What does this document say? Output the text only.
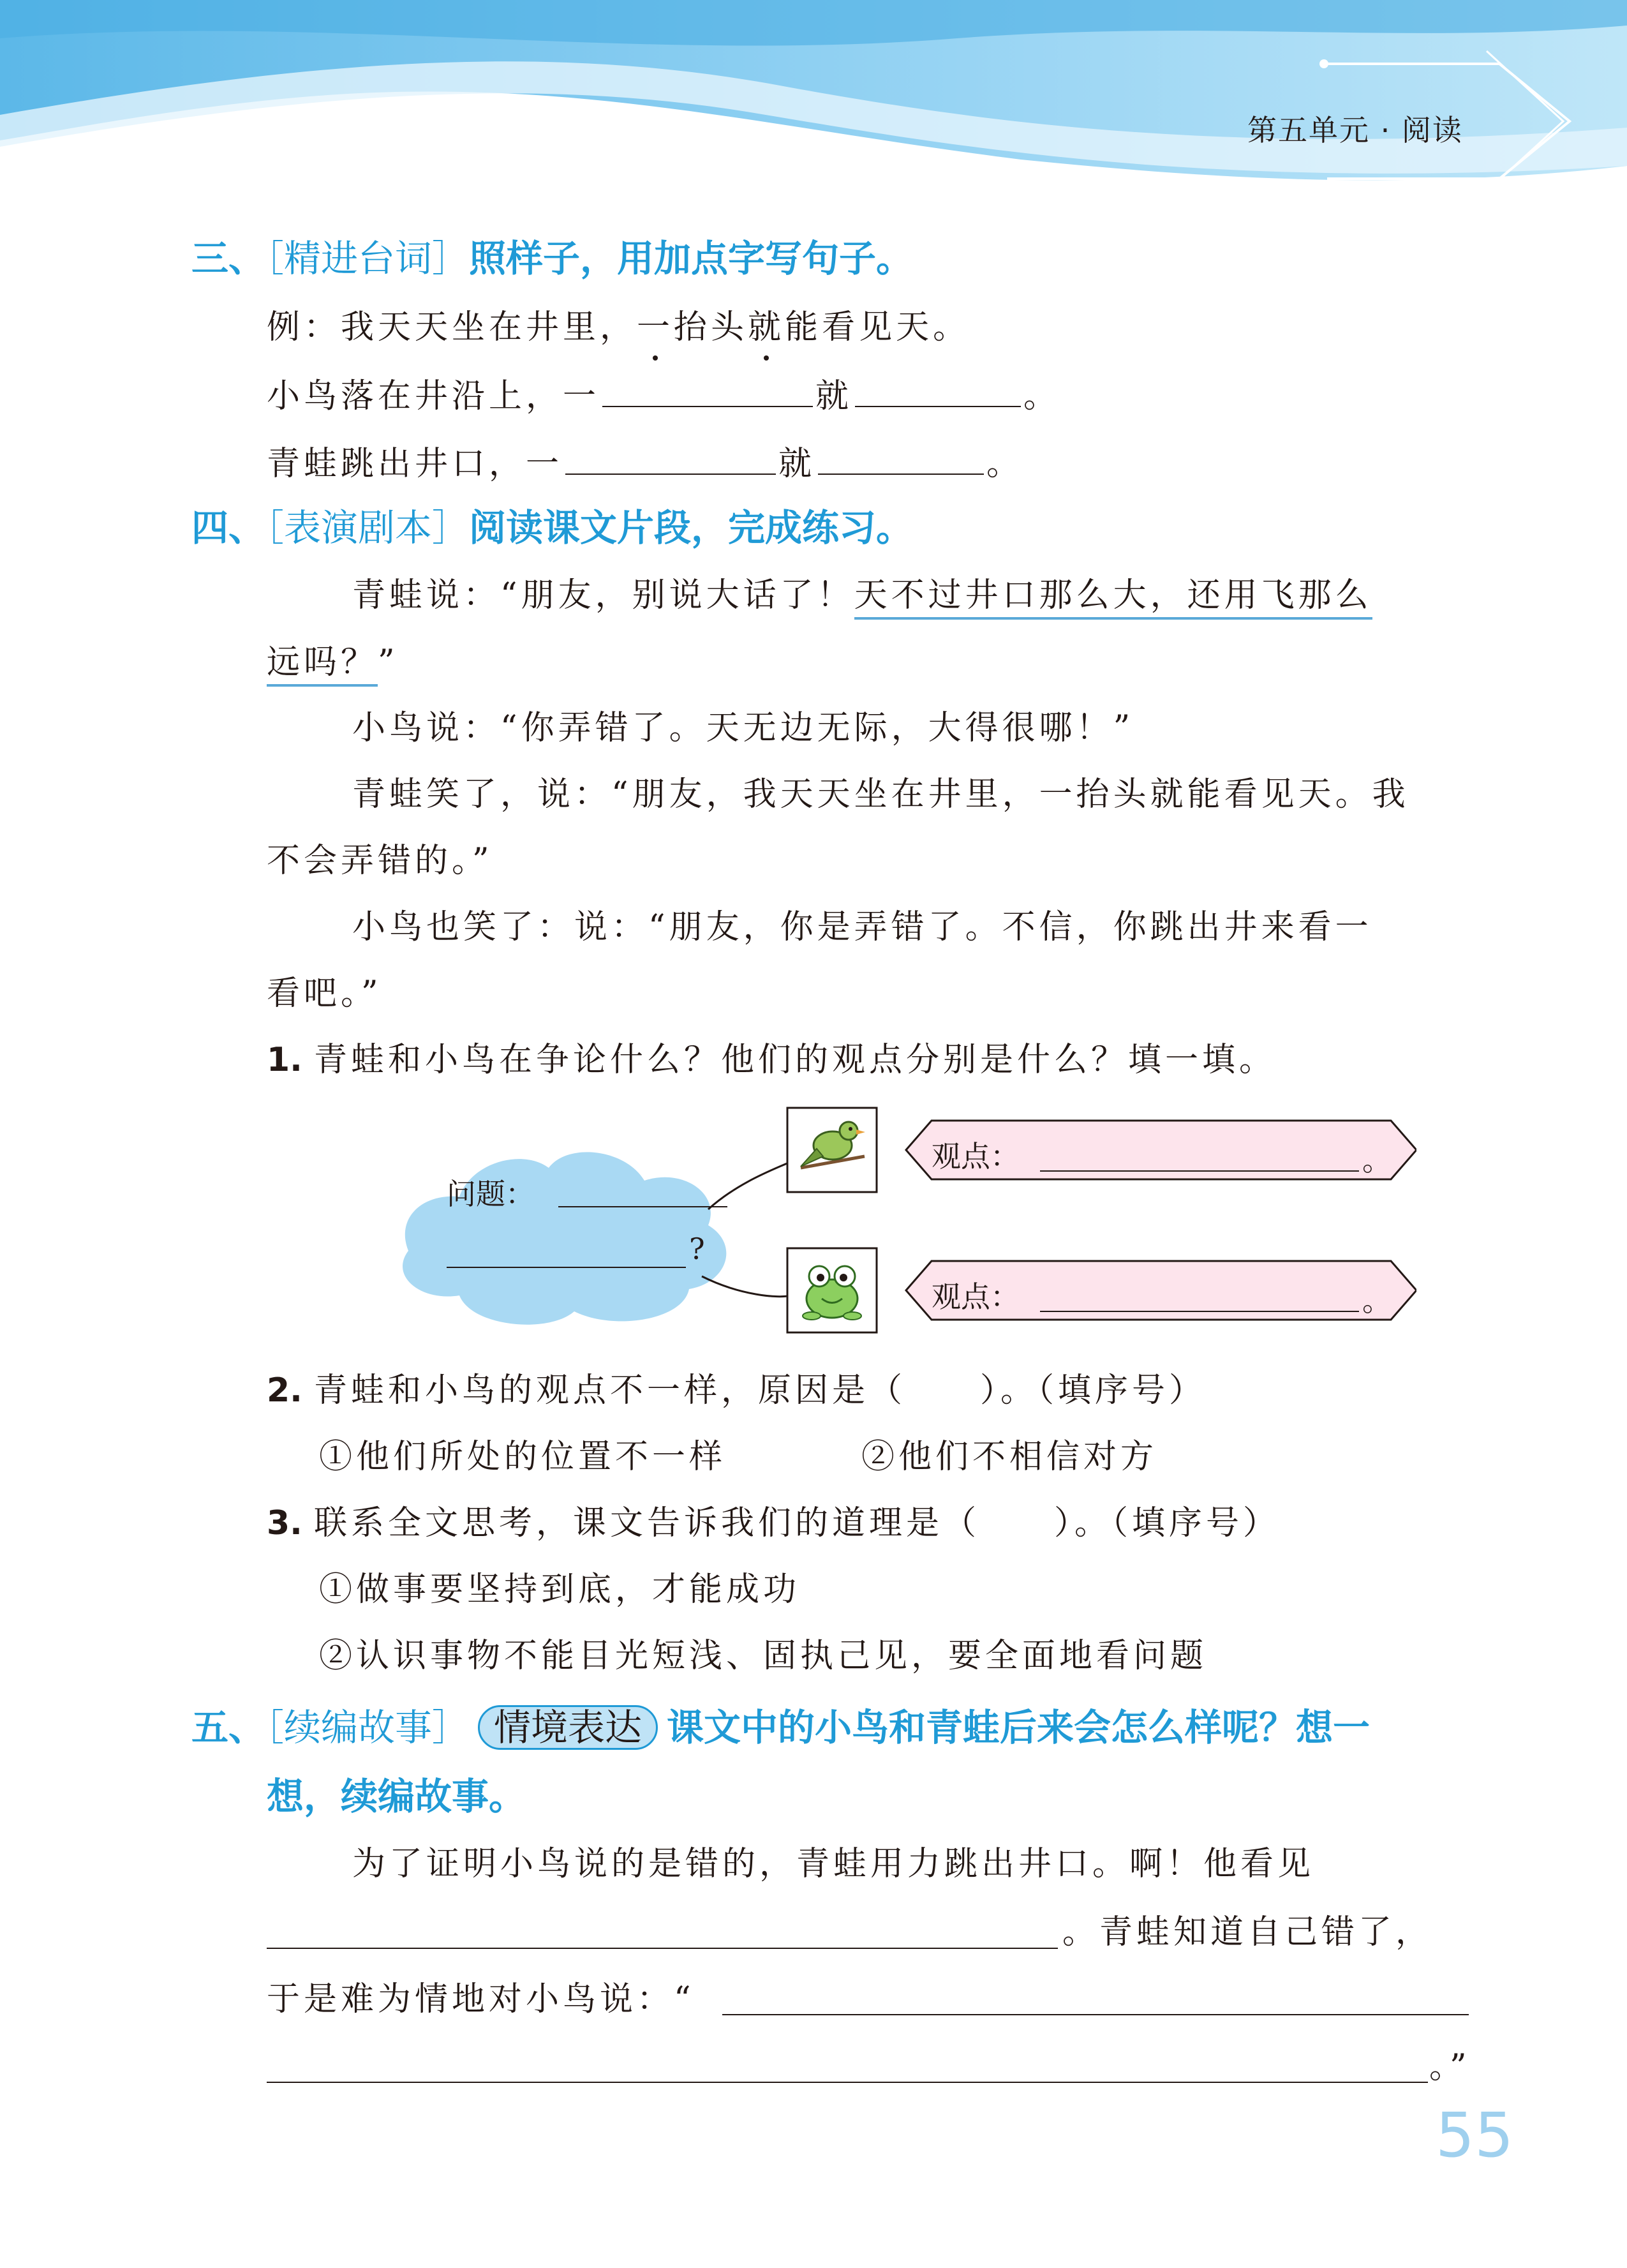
第五单元 · 阅读
三、［精进台词］照样子，用加点字写句子。
例：我天天坐在井里，一抬头就能看见天。
小鸟落在井沿上，一	就	。
青蛙跳出井口，一	就	。
四、［表演剧本］阅读课文片段，完成练习。
青蛙说：“朋友，别说大话了！天不过井口那么大，还用飞那么
远吗？”
小鸟说：“你弄错了。天无边无际，大得很哪！”
青蛙笑了，说：“朋友，我天天坐在井里，一抬头就能看见天。我
不会弄错的。”
小鸟也笑了：说：“朋友，你是弄错了。不信，你跳出井来看一
看吧。”
1. 青蛙和小鸟在争论什么？他们的观点分别是什么？填一填。
问题：
?
观点：	。
观点：	。
2. 青蛙和小鸟的观点不一样，原因是（　　）。（填序号）
①他们所处的位置不一样	②他们不相信对方
3. 联系全文思考，课文告诉我们的道理是（　　）。（填序号）
①做事要坚持到底，才能成功
②认识事物不能目光短浅、固执己见，要全面地看问题
五、［续编故事］ 情境表达 课文中的小鸟和青蛙后来会怎么样呢？想一
想，续编故事。
为了证明小鸟说的是错的，青蛙用力跳出井口。啊！他看见
。青蛙知道自己错了，
于是难为情地对小鸟说：“
。”
55
